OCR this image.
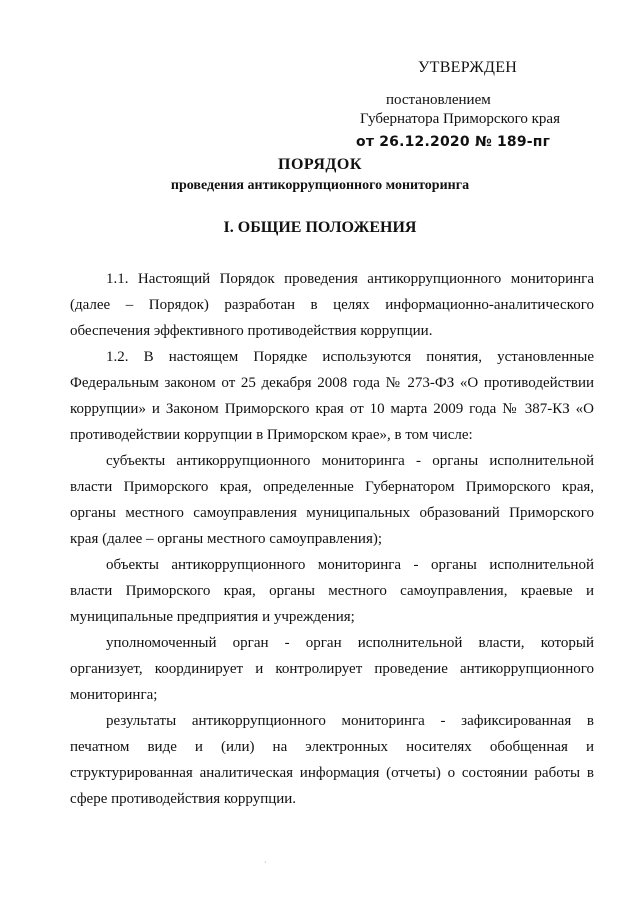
УТВЕРЖДЕН
постановлением
Губернатора Приморского края
от 26.12.2020 № 189-пг
ПОРЯДОК
проведения антикоррупционного мониторинга
I. ОБЩИЕ ПОЛОЖЕНИЯ

1.1. Настоящий Порядок проведения антикоррупционного мониторинга (далее – Порядок) разработан в целях информационно-аналитического обеспечения эффективного противодействия коррупции.

1.2. В настоящем Порядке используются понятия, установленные Федеральным законом от 25 декабря 2008 года № 273-ФЗ «О противодействии коррупции» и Законом Приморского края от 10 марта 2009 года № 387-КЗ «О противодействии коррупции в Приморском крае», в том числе:

субъекты антикоррупционного мониторинга - органы исполнительной власти Приморского края, определенные Губернатором Приморского края, органы местного самоуправления муниципальных образований Приморского края (далее – органы местного самоуправления);

объекты антикоррупционного мониторинга - органы исполнительной власти Приморского края, органы местного самоуправления, краевые и муниципальные предприятия и учреждения;

уполномоченный орган - орган исполнительной власти, который организует, координирует и контролирует проведение антикоррупционного мониторинга;

результаты антикоррупционного мониторинга - зафиксированная в печатном виде и (или) на электронных носителях обобщенная и структурированная аналитическая информация (отчеты) о состоянии работы в сфере противодействия коррупции.

·
